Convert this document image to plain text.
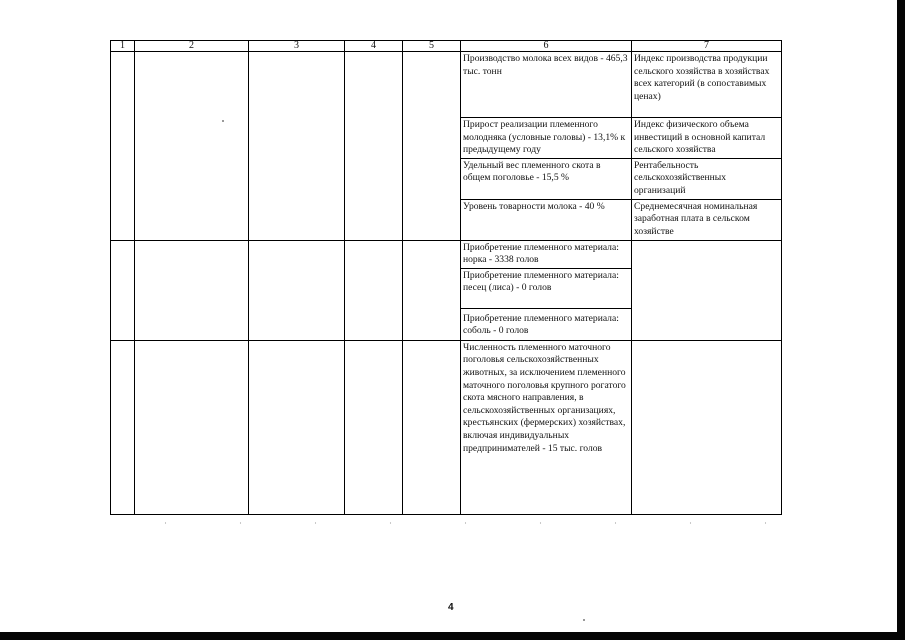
1	2	3	4	5	6	7
					Производство молока всех видов - 465,3 тыс. тонн	Индекс производства продукции сельского хозяйства в хозяйствах всех категорий (в сопоставимых ценах)
					Прирост реализации племенного молодняка (условные головы) - 13,1% к предыдущему году	Индекс физического объема инвестиций в основной капитал сельского хозяйства
					Удельный вес племенного скота в общем поголовье - 15,5 %	Рентабельность сельскохозяйственных организаций
					Уровень товарности молока - 40 %	Среднемесячная номинальная заработная плата в сельском хозяйстве
					Приобретение племенного материала: норка - 3338 голов	
					Приобретение племенного материала: песец (лиса) - 0 голов	
					Приобретение племенного материала: соболь - 0 голов	
					Численность племенного маточного поголовья сельскохозяйственных животных, за исключением племенного маточного поголовья крупного рогатого скота мясного направления, в сельскохозяйственных организациях, крестьянских (фермерских) хозяйствах, включая индивидуальных предпринимателей - 15 тыс. голов	
4
